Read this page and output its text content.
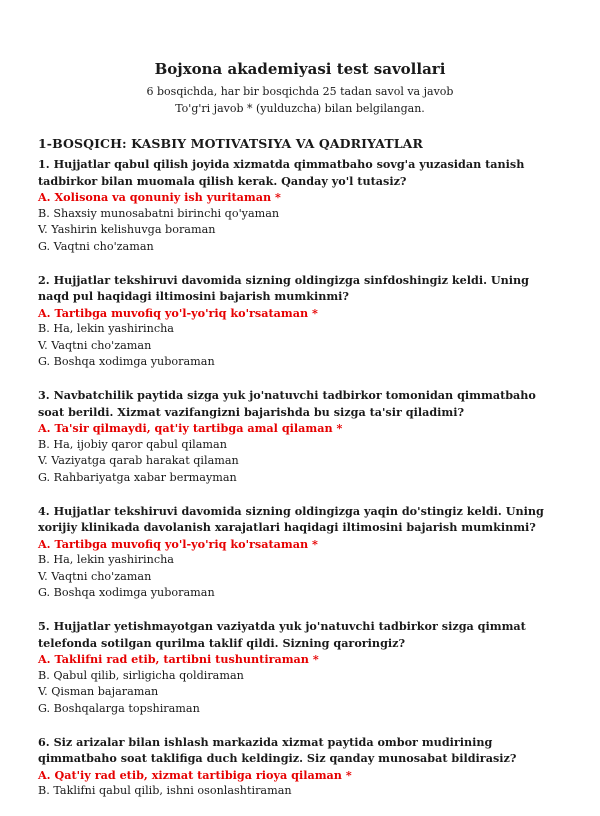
Bojxona akademiyasi test savollari
6 bosqichda, har bir bosqichda 25 tadan savol va javob
To'g'ri javob * (yulduzcha) bilan belgilangan.
1-BOSQICH: KASBIY MOTIVATSIYA VA QADRIYATLAR

1. Hujjatlar qabul qilish joyida xizmatda qimmatbaho sovg'a yuzasidan tanish tadbirkor bilan muomala qilish kerak. Qanday yo'l tutasiz?

A. Xolisona va qonuniy ish yuritaman *

B. Shaxsiy munosabatni birinchi qo'yaman

V. Yashirin kelishuvga boraman

G. Vaqtni cho'zaman

2. Hujjatlar tekshiruvi davomida sizning oldingizga sinfdoshingiz keldi. Uning naqd pul haqidagi iltimosini bajarish mumkinmi?

A. Tartibga muvofiq yo'l-yo'riq ko'rsataman *

B. Ha, lekin yashirincha

V. Vaqtni cho'zaman

G. Boshqa xodimga yuboraman

3. Navbatchilik paytida sizga yuk jo'natuvchi tadbirkor tomonidan qimmatbaho soat berildi. Xizmat vazifangizni bajarishda bu sizga ta'sir qiladimi?

A. Ta'sir qilmaydi, qat'iy tartibga amal qilaman *

B. Ha, ijobiy qaror qabul qilaman

V. Vaziyatga qarab harakat qilaman

G. Rahbariyatga xabar bermayman

4. Hujjatlar tekshiruvi davomida sizning oldingizga yaqin do'stingiz keldi. Uning xorijiy klinikada davolanish xarajatlari haqidagi iltimosini bajarish mumkinmi?

A. Tartibga muvofiq yo'l-yo'riq ko'rsataman *

B. Ha, lekin yashirincha

V. Vaqtni cho'zaman

G. Boshqa xodimga yuboraman

5. Hujjatlar yetishmayotgan vaziyatda yuk jo'natuvchi tadbirkor sizga qimmat telefonda sotilgan qurilma taklif qildi. Sizning qaroringiz?

A. Taklifni rad etib, tartibni tushuntiraman *

B. Qabul qilib, sirligicha qoldiraman

V. Qisman bajaraman

G. Boshqalarga topshiraman

6. Siz arizalar bilan ishlash markazida xizmat paytida ombor mudirining qimmatbaho soat taklifiga duch keldingiz. Siz qanday munosabat bildirasiz?

A. Qat'iy rad etib, xizmat tartibiga rioya qilaman *

B. Taklifni qabul qilib, ishni osonlashtiraman
